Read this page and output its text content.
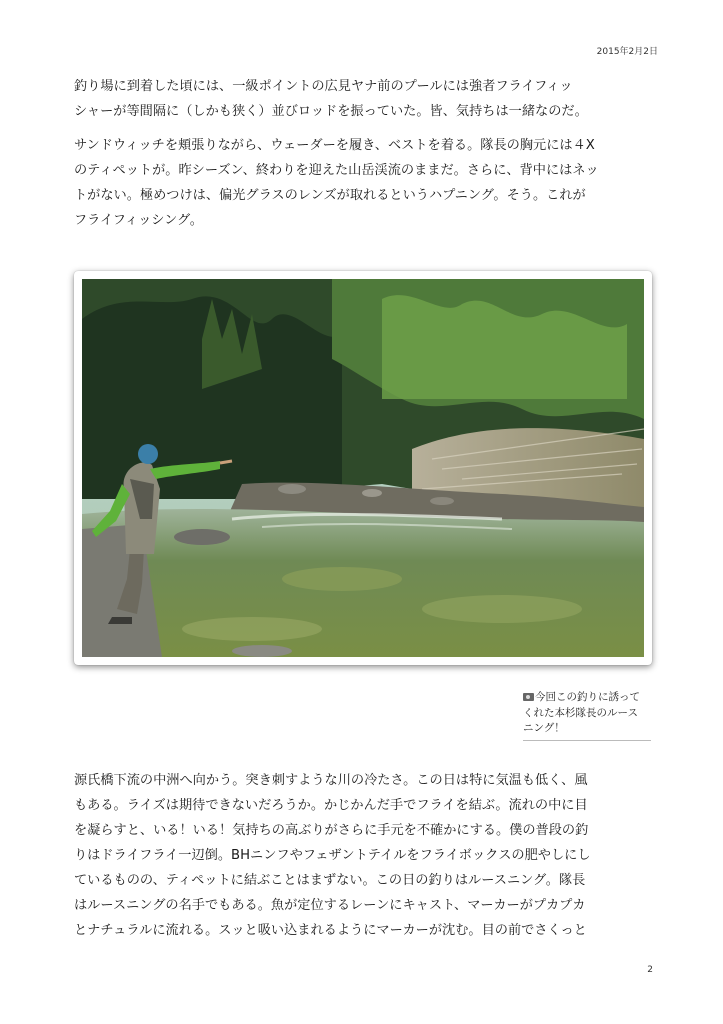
2015年2月2日

釣り場に到着した頃には、一級ポイントの広見ヤナ前のプールには強者フライフィッ
シャーが等間隔に（しかも狭く）並びロッドを振っていた。皆、気持ちは一緒なのだ。

サンドウィッチを頬張りながら、ウェーダーを履き、ベストを着る。隊長の胸元には４X
のティペットが。昨シーズン、終わりを迎えた山岳渓流のままだ。さらに、背中にはネッ
トがない。極めつけは、偏光グラスのレンズが取れるというハプニング。そう。これが
フライフィッシング。

今回この釣りに誘って
くれた本杉隊長のルース
ニング！

源氏橋下流の中洲へ向かう。突き刺すような川の冷たさ。この日は特に気温も低く、風
もある。ライズは期待できないだろうか。かじかんだ手でフライを結ぶ。流れの中に目
を凝らすと、いる！いる！気持ちの高ぶりがさらに手元を不確かにする。僕の普段の釣
りはドライフライ一辺倒。BHニンフやフェザントテイルをフライボックスの肥やしにし
ているものの、ティペットに結ぶことはまずない。この日の釣りはルースニング。隊長
はルースニングの名手でもある。魚が定位するレーンにキャスト、マーカーがプカプカ
とナチュラルに流れる。スッと吸い込まれるようにマーカーが沈む。目の前でさくっと

2
